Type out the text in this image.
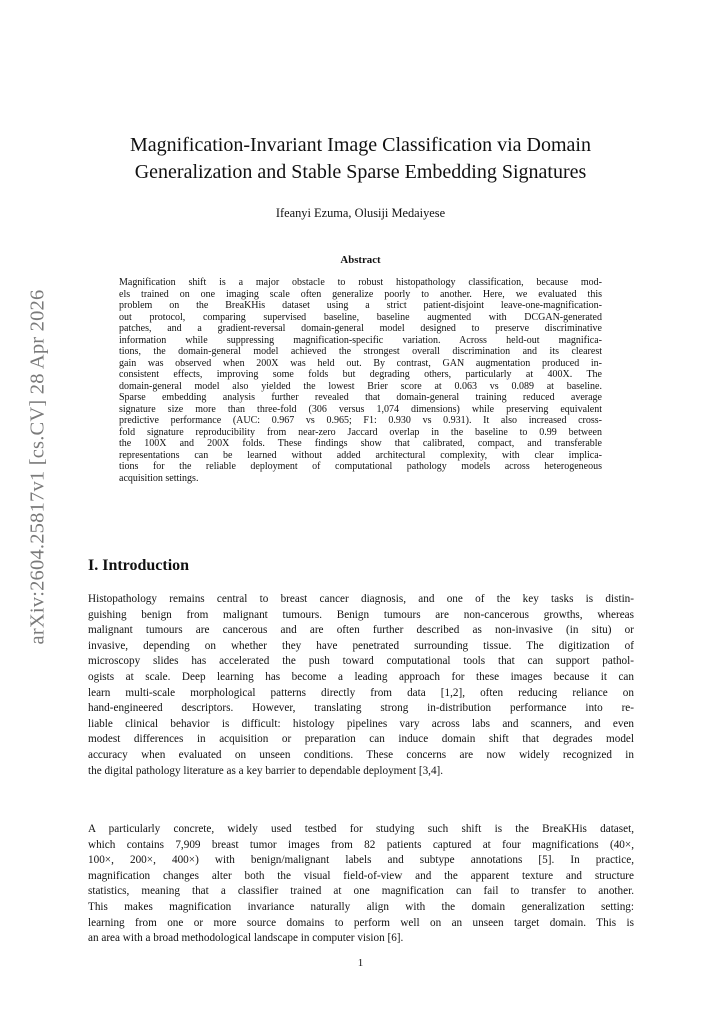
arXiv:2604.25817v1 [cs.CV] 28 Apr 2026
Magnification-Invariant Image Classification via Domain
Generalization and Stable Sparse Embedding Signatures
Ifeanyi Ezuma, Olusiji Medaiyese
Abstract
Magnification shift is a major obstacle to robust histopathology classification, because mod-
els trained on one imaging scale often generalize poorly to another. Here, we evaluated this
problem on the BreaKHis dataset using a strict patient-disjoint leave-one-magnification-
out protocol, comparing supervised baseline, baseline augmented with DCGAN-generated
patches, and a gradient-reversal domain-general model designed to preserve discriminative
information while suppressing magnification-specific variation. Across held-out magnifica-
tions, the domain-general model achieved the strongest overall discrimination and its clearest
gain was observed when 200X was held out. By contrast, GAN augmentation produced in-
consistent effects, improving some folds but degrading others, particularly at 400X. The
domain-general model also yielded the lowest Brier score at 0.063 vs 0.089 at baseline.
Sparse embedding analysis further revealed that domain-general training reduced average
signature size more than three-fold (306 versus 1,074 dimensions) while preserving equivalent
predictive performance (AUC: 0.967 vs 0.965; F1: 0.930 vs 0.931). It also increased cross-
fold signature reproducibility from near-zero Jaccard overlap in the baseline to 0.99 between
the 100X and 200X folds. These findings show that calibrated, compact, and transferable
representations can be learned without added architectural complexity, with clear implica-
tions for the reliable deployment of computational pathology models across heterogeneous
acquisition settings.
I. Introduction
Histopathology remains central to breast cancer diagnosis, and one of the key tasks is distin-
guishing benign from malignant tumours. Benign tumours are non-cancerous growths, whereas
malignant tumours are cancerous and are often further described as non-invasive (in situ) or
invasive, depending on whether they have penetrated surrounding tissue. The digitization of
microscopy slides has accelerated the push toward computational tools that can support pathol-
ogists at scale. Deep learning has become a leading approach for these images because it can
learn multi-scale morphological patterns directly from data [1,2], often reducing reliance on
hand-engineered descriptors. However, translating strong in-distribution performance into re-
liable clinical behavior is difficult: histology pipelines vary across labs and scanners, and even
modest differences in acquisition or preparation can induce domain shift that degrades model
accuracy when evaluated on unseen conditions. These concerns are now widely recognized in
the digital pathology literature as a key barrier to dependable deployment [3,4].
A particularly concrete, widely used testbed for studying such shift is the BreaKHis dataset,
which contains 7,909 breast tumor images from 82 patients captured at four magnifications (40×,
100×, 200×, 400×) with benign/malignant labels and subtype annotations [5]. In practice,
magnification changes alter both the visual field-of-view and the apparent texture and structure
statistics, meaning that a classifier trained at one magnification can fail to transfer to another.
This makes magnification invariance naturally align with the domain generalization setting:
learning from one or more source domains to perform well on an unseen target domain. This is
an area with a broad methodological landscape in computer vision [6].
1
